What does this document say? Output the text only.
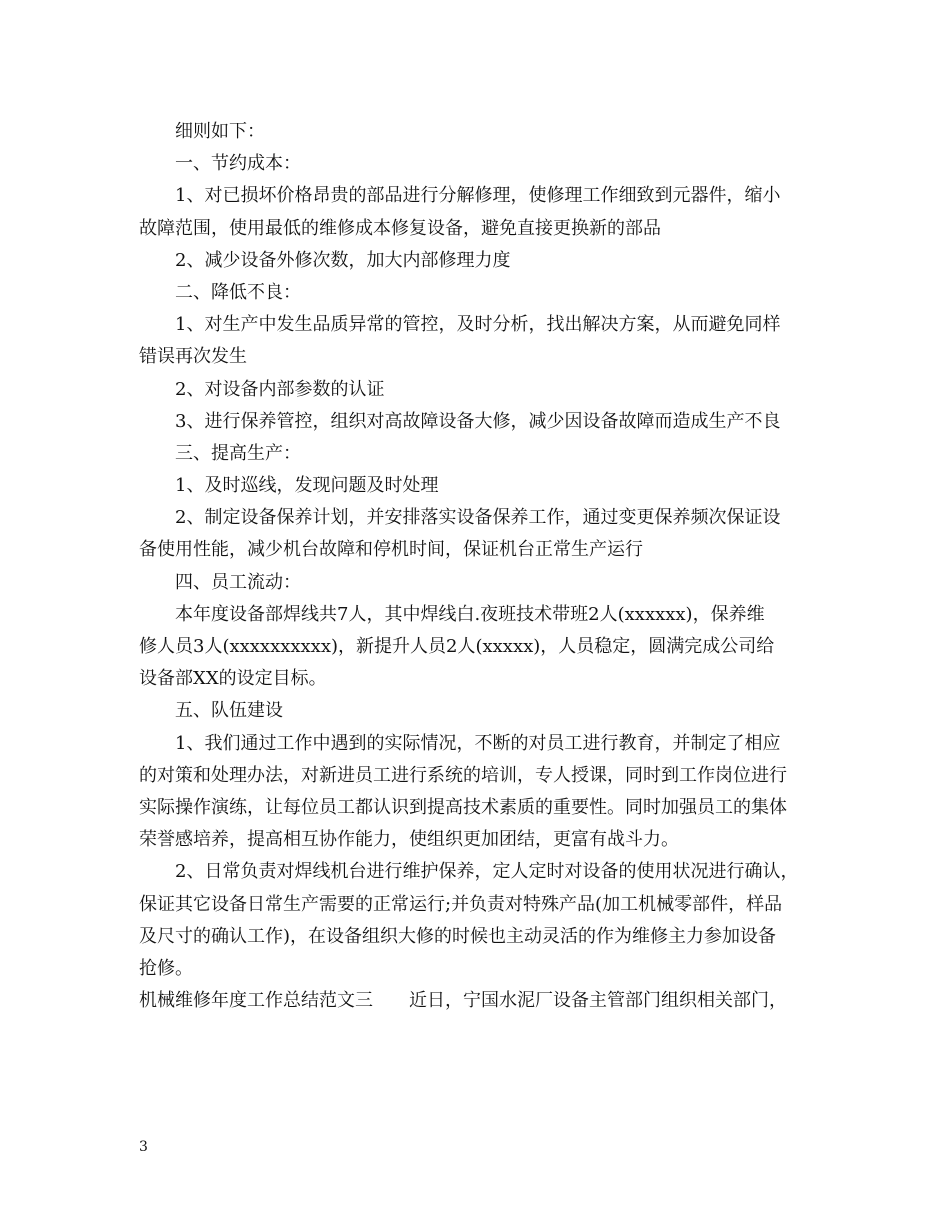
细则如下：
一、节约成本：
1、对已损坏价格昂贵的部品进行分解修理，使修理工作细致到元器件，缩小
故障范围，使用最低的维修成本修复设备，避免直接更换新的部品
2、减少设备外修次数，加大内部修理力度
二、降低不良：
1、对生产中发生品质异常的管控，及时分析，找出解决方案，从而避免同样
错误再次发生
2、对设备内部参数的认证
3、进行保养管控，组织对高故障设备大修，减少因设备故障而造成生产不良
三、提高生产：
1、及时巡线，发现问题及时处理
2、制定设备保养计划，并安排落实设备保养工作，通过变更保养频次保证设
备使用性能，减少机台故障和停机时间，保证机台正常生产运行
四、员工流动：
本年度设备部焊线共7人，其中焊线白.夜班技术带班2人(xxxxxx)，保养维
修人员3人(xxxxxxxxxx)，新提升人员2人(xxxxx)，人员稳定，圆满完成公司给
设备部XX的设定目标。
五、队伍建设
1、我们通过工作中遇到的实际情况，不断的对员工进行教育，并制定了相应
的对策和处理办法，对新进员工进行系统的培训，专人授课，同时到工作岗位进行
实际操作演练，让每位员工都认识到提高技术素质的重要性。同时加强员工的集体
荣誉感培养，提高相互协作能力，使组织更加团结，更富有战斗力。
2、日常负责对焊线机台进行维护保养，定人定时对设备的使用状况进行确认，
保证其它设备日常生产需要的正常运行;并负责对特殊产品(加工机械零部件，样品
及尺寸的确认工作)，在设备组织大修的时候也主动灵活的作为维修主力参加设备
抢修。
机械维修年度工作总结范文三　　近日，宁国水泥厂设备主管部门组织相关部门，
3
